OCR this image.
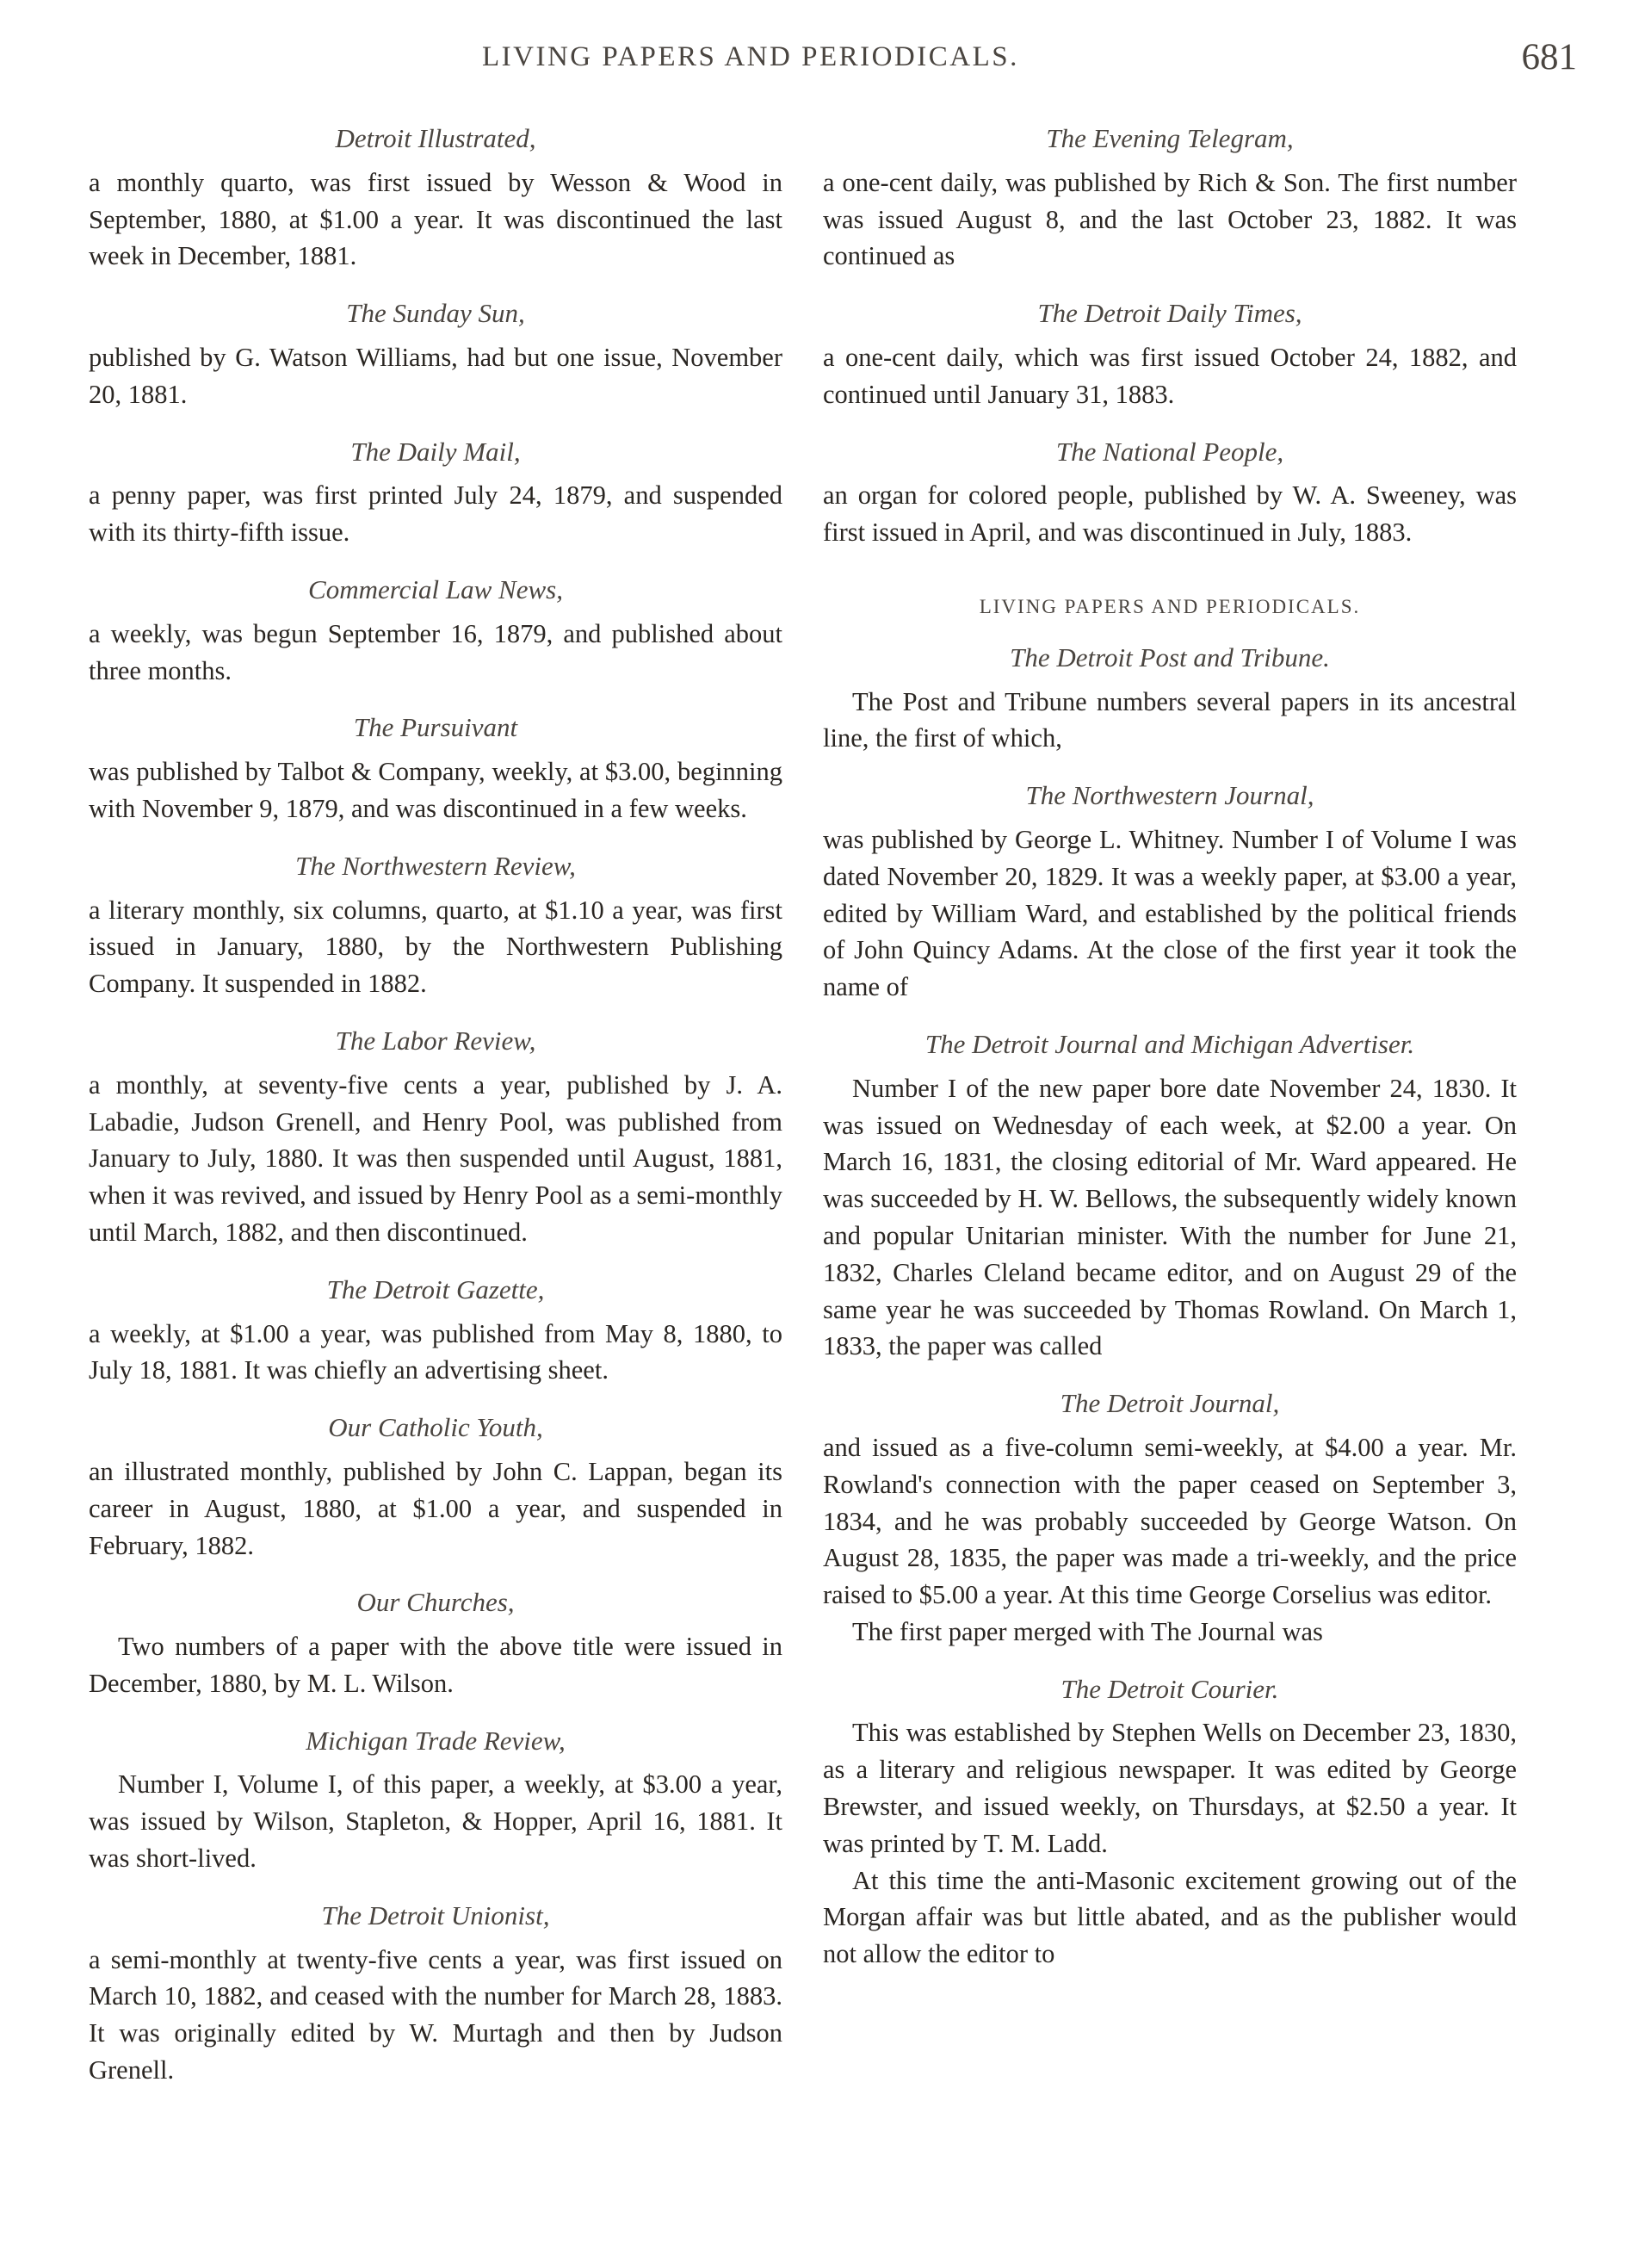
LIVING PAPERS AND PERIODICALS.	681
Detroit Illustrated,

a monthly quarto, was first issued by Wesson & Wood in September, 1880, at $1.00 a year. It was discontinued the last week in December, 1881.

The Sunday Sun,

published by G. Watson Williams, had but one issue, November 20, 1881.

The Daily Mail,

a penny paper, was first printed July 24, 1879, and suspended with its thirty-fifth issue.

Commercial Law News,

a weekly, was begun September 16, 1879, and published about three months.

The Pursuivant

was published by Talbot & Company, weekly, at $3.00, beginning with November 9, 1879, and was discontinued in a few weeks.

The Northwestern Review,

a literary monthly, six columns, quarto, at $1.10 a year, was first issued in January, 1880, by the Northwestern Publishing Company. It suspended in 1882.

The Labor Review,

a monthly, at seventy-five cents a year, published by J. A. Labadie, Judson Grenell, and Henry Pool, was published from January to July, 1880. It was then suspended until August, 1881, when it was revived, and issued by Henry Pool as a semi-monthly until March, 1882, and then discontinued.

The Detroit Gazette,

a weekly, at $1.00 a year, was published from May 8, 1880, to July 18, 1881. It was chiefly an advertising sheet.

Our Catholic Youth,

an illustrated monthly, published by John C. Lappan, began its career in August, 1880, at $1.00 a year, and suspended in February, 1882.

Our Churches,

Two numbers of a paper with the above title were issued in December, 1880, by M. L. Wilson.

Michigan Trade Review,

Number I, Volume I, of this paper, a weekly, at $3.00 a year, was issued by Wilson, Stapleton, & Hopper, April 16, 1881. It was short-lived.

The Detroit Unionist,

a semi-monthly at twenty-five cents a year, was first issued on March 10, 1882, and ceased with the number for March 28, 1883. It was originally edited by W. Murtagh and then by Judson Grenell.

The Evening Telegram,

a one-cent daily, was published by Rich & Son. The first number was issued August 8, and the last October 23, 1882. It was continued as

The Detroit Daily Times,

a one-cent daily, which was first issued October 24, 1882, and continued until January 31, 1883.

The National People,

an organ for colored people, published by W. A. Sweeney, was first issued in April, and was discontinued in July, 1883.

LIVING PAPERS AND PERIODICALS.
The Detroit Post and Tribune.

The Post and Tribune numbers several papers in its ancestral line, the first of which,

The Northwestern Journal,

was published by George L. Whitney. Number I of Volume I was dated November 20, 1829. It was a weekly paper, at $3.00 a year, edited by William Ward, and established by the political friends of John Quincy Adams. At the close of the first year it took the name of

The Detroit Journal and Michigan Advertiser.

Number I of the new paper bore date November 24, 1830. It was issued on Wednesday of each week, at $2.00 a year. On March 16, 1831, the closing editorial of Mr. Ward appeared. He was succeeded by H. W. Bellows, the subsequently widely known and popular Unitarian minister. With the number for June 21, 1832, Charles Cleland became editor, and on August 29 of the same year he was succeeded by Thomas Rowland. On March 1, 1833, the paper was called

The Detroit Journal,

and issued as a five-column semi-weekly, at $4.00 a year. Mr. Rowland's connection with the paper ceased on September 3, 1834, and he was probably succeeded by George Watson. On August 28, 1835, the paper was made a tri-weekly, and the price raised to $5.00 a year. At this time George Corselius was editor.

The first paper merged with The Journal was

The Detroit Courier.

This was established by Stephen Wells on December 23, 1830, as a literary and religious newspaper. It was edited by George Brewster, and issued weekly, on Thursdays, at $2.50 a year. It was printed by T. M. Ladd.

At this time the anti-Masonic excitement growing out of the Morgan affair was but little abated, and as the publisher would not allow the editor to
